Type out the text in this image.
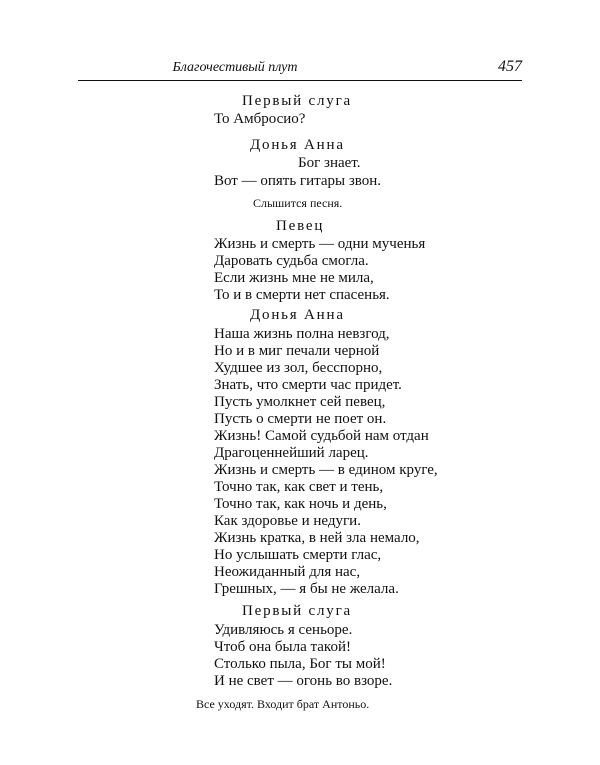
Благочестивый плут	457
Первый слуга
То Амбросио?
Донья Анна
Бог знает.
Вот — опять гитары звон.
Слышится песня.
Певец
Жизнь и смерть — одни мученья
Даровать судьба смогла.
Если жизнь мне не мила,
То и в смерти нет спасенья.
Донья Анна
Наша жизнь полна невзгод,
Но и в миг печали черной
Худшее из зол, бесспорно,
Знать, что смерти час придет.
Пусть умолкнет сей певец,
Пусть о смерти не поет он.
Жизнь! Самой судьбой нам отдан
Драгоценнейший ларец.
Жизнь и смерть — в едином круге,
Точно так, как свет и тень,
Точно так, как ночь и день,
Как здоровье и недуги.
Жизнь кратка, в ней зла немало,
Но услышать смерти глас,
Неожиданный для нас,
Грешных, — я бы не желала.
Первый слуга
Удивляюсь я сеньоре.
Чтоб она была такой!
Столько пыла, Бог ты мой!
И не свет — огонь во взоре.
Все уходят. Входит брат Антоньо.
